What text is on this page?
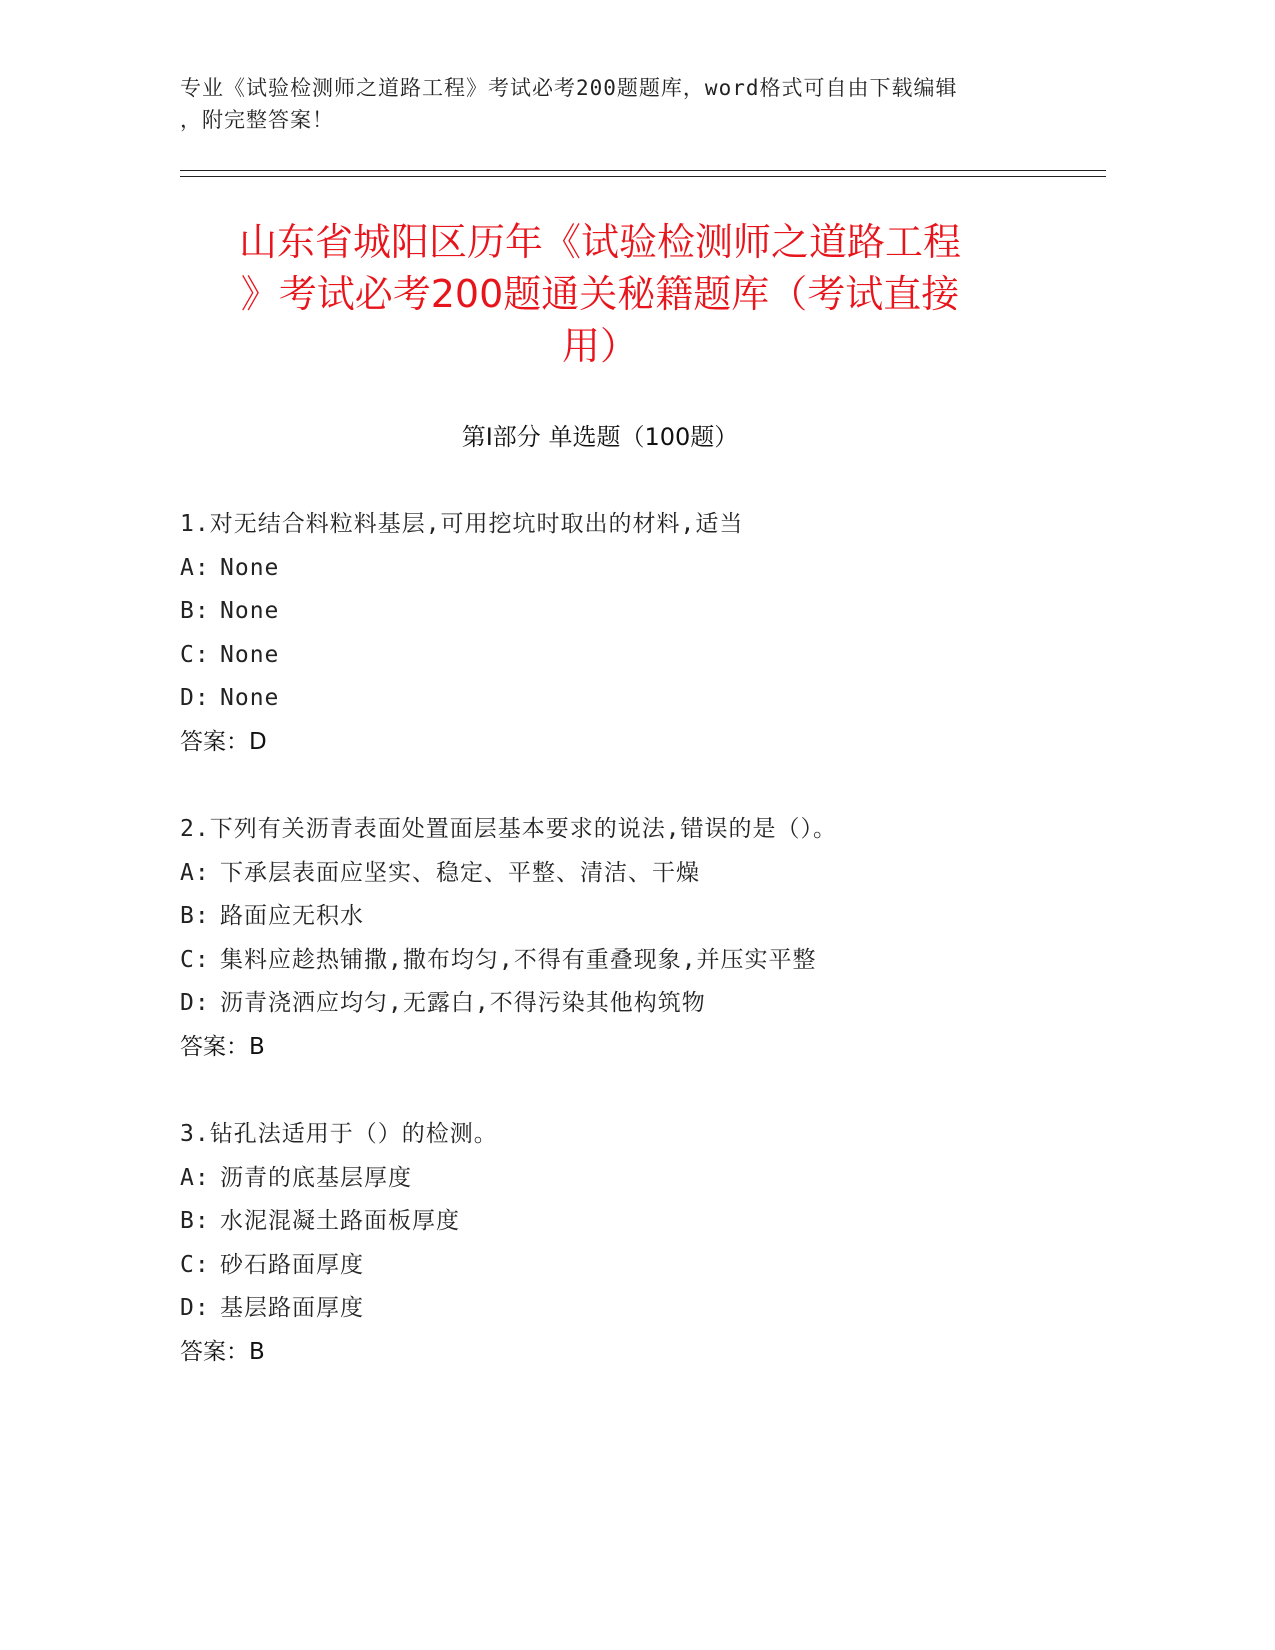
专业《试验检测师之道路工程》考试必考200题题库，word格式可自由下载编辑
，附完整答案！
山东省城阳区历年《试验检测师之道路工程
》考试必考200题通关秘籍题库（考试直接
用）
第I部分 单选题（100题）
1.对无结合料粒料基层,可用挖坑时取出的材料,适当
A: None
B: None
C: None
D: None
答案：D
2.下列有关沥青表面处置面层基本要求的说法,错误的是（）。
A: 下承层表面应坚实、稳定、平整、清洁、干燥
B: 路面应无积水
C: 集料应趁热铺撒,撒布均匀,不得有重叠现象,并压实平整
D: 沥青浇洒应均匀,无露白,不得污染其他构筑物
答案：B
3.钻孔法适用于（）的检测。
A: 沥青的底基层厚度
B: 水泥混凝土路面板厚度
C: 砂石路面厚度
D: 基层路面厚度
答案：B
